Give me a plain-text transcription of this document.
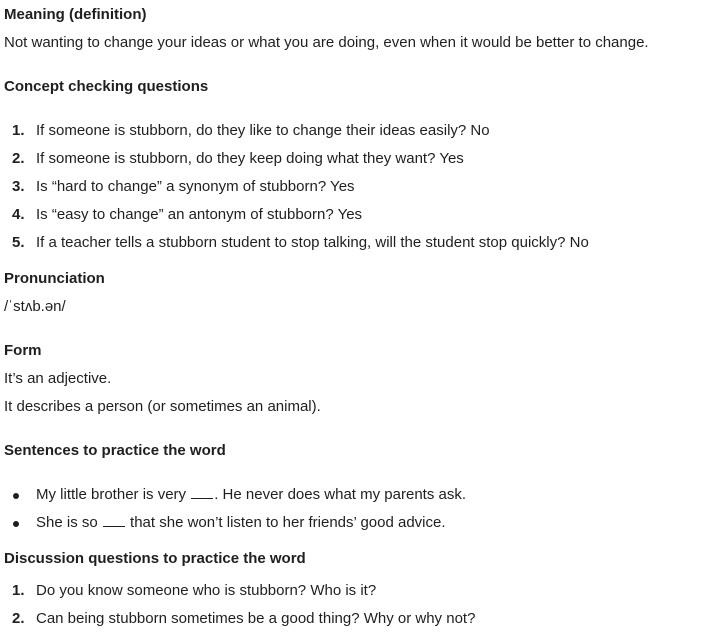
Meaning (definition)
Not wanting to change your ideas or what you are doing, even when it would be better to change.
Concept checking questions
1. If someone is stubborn, do they like to change their ideas easily? No
2. If someone is stubborn, do they keep doing what they want? Yes
3. Is “hard to change” a synonym of stubborn? Yes
4. Is “easy to change” an antonym of stubborn? Yes
5. If a teacher tells a stubborn student to stop talking, will the student stop quickly? No
Pronunciation
/ˈstʌb.ən/
Form
It’s an adjective.
It describes a person (or sometimes an animal).
Sentences to practice the word
My little brother is very . He never does what my parents ask.
She is so  that she won’t listen to her friends’ good advice.
Discussion questions to practice the word
1. Do you know someone who is stubborn? Who is it?
2. Can being stubborn sometimes be a good thing? Why or why not?
